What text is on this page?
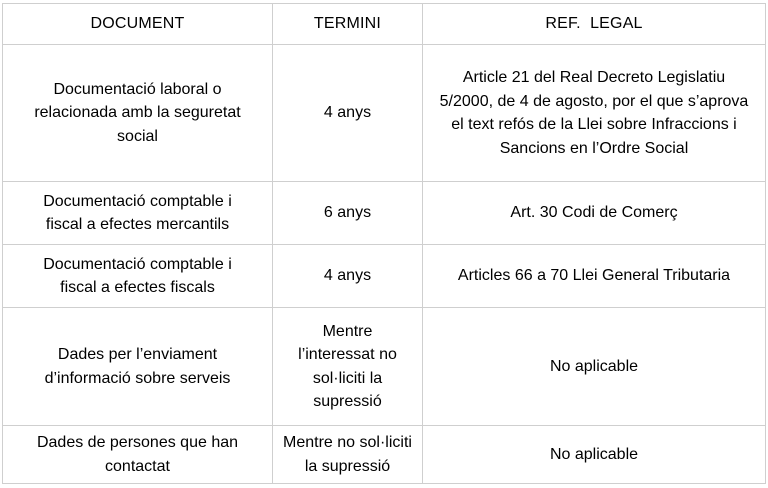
DOCUMENT	TERMINI	REF.  LEGAL
Documentació laboral o relacionada amb la seguretat social	4 anys	Article 21 del Real Decreto Legislatiu 5/2000, de 4 de agosto, por el que s’aprova el text refós de la Llei sobre Infraccions i Sancions en l’Ordre Social
Documentació comptable i fiscal a efectes mercantils	6 anys	Art. 30 Codi de Comerç
Documentació comptable i fiscal a efectes fiscals	4 anys	Articles 66 a 70 Llei General Tributaria
Dades per l’enviament d’informació sobre serveis	Mentre l’interessat no sol·liciti la supressió	No aplicable
Dades de persones que han contactat	Mentre no sol·liciti la supressió	No aplicable
